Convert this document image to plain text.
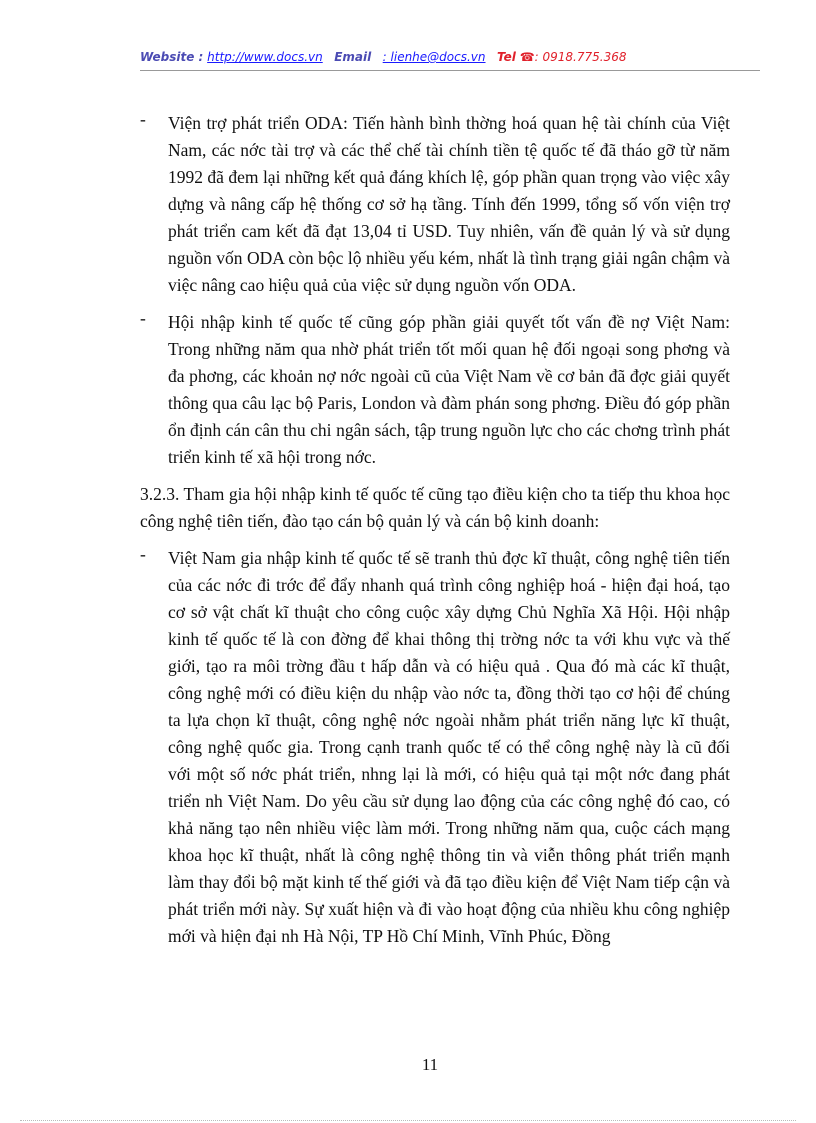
Website : http://www.docs.vn Email : lienhe@docs.vn Tel ☎: 0918.775.368
- Viện trợ phát triển ODA: Tiến hành bình thờng hoá quan hệ tài chính của Việt Nam, các nớc tài trợ và các thể chế tài chính tiền tệ quốc tế đã tháo gỡ từ năm 1992 đã đem lại những kết quả đáng khích lệ, góp phần quan trọng vào việc xây dựng và nâng cấp hệ thống cơ sở hạ tầng. Tính đến 1999, tổng số vốn viện trợ phát triển cam kết đã đạt 13,04 tỉ USD. Tuy nhiên, vấn đề quản lý và sử dụng nguồn vốn ODA còn bộc lộ nhiều yếu kém, nhất là tình trạng giải ngân chậm và việc nâng cao hiệu quả của việc sử dụng nguồn vốn ODA.
- Hội nhập kinh tế quốc tế cũng góp phần giải quyết tốt vấn đề nợ Việt Nam: Trong những năm qua nhờ phát triển tốt mối quan hệ đối ngoại song phơng và đa phơng, các khoản nợ nớc ngoài cũ của Việt Nam về cơ bản đã đợc giải quyết thông qua câu lạc bộ Paris, London và đàm phán song phơng. Điều đó góp phần ổn định cán cân thu chi ngân sách, tập trung nguồn lực cho các chơng trình phát triển kinh tế xã hội trong nớc.
3.2.3. Tham gia hội nhập kinh tế quốc tế cũng tạo điều kiện cho ta tiếp thu khoa học công nghệ tiên tiến, đào tạo cán bộ quản lý và cán bộ kinh doanh:
- Việt Nam gia nhập kinh tế quốc tế sẽ tranh thủ đợc kĩ thuật, công nghệ tiên tiến của các nớc đi trớc để đẩy nhanh quá trình công nghiệp hoá - hiện đại hoá, tạo cơ sở vật chất kĩ thuật cho công cuộc xây dựng Chủ Nghĩa Xã Hội. Hội nhập kinh tế quốc tế là con đờng để khai thông thị trờng nớc ta với khu vực và thế giới, tạo ra môi trờng đầu t hấp dẫn và có hiệu quả . Qua đó mà các kĩ thuật, công nghệ mới có điều kiện du nhập vào nớc ta, đồng thời tạo cơ hội để chúng ta lựa chọn kĩ thuật, công nghệ nớc ngoài nhằm phát triển năng lực kĩ thuật, công nghệ quốc gia. Trong cạnh tranh quốc tế có thể công nghệ này là cũ đối với một số nớc phát triển, nhng lại là mới, có hiệu quả tại một nớc đang phát triển nh Việt Nam. Do yêu cầu sử dụng lao động của các công nghệ đó cao, có khả năng tạo nên nhiều việc làm mới. Trong những năm qua, cuộc cách mạng khoa học kĩ thuật, nhất là công nghệ thông tin và viễn thông phát triển mạnh làm thay đổi bộ mặt kinh tế thế giới và đã tạo điều kiện để Việt Nam tiếp cận và phát triển mới này. Sự xuất hiện và đi vào hoạt động của nhiều khu công nghiệp mới và hiện đại nh Hà Nội, TP Hồ Chí Minh, Vĩnh Phúc, Đồng
11
